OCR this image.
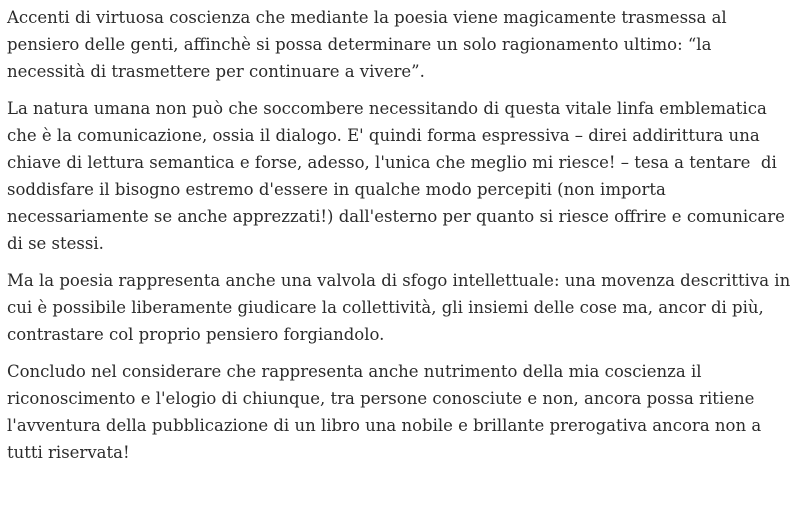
Accenti di virtuosa coscienza che mediante la poesia viene magicamente trasmessa al pensiero delle genti, affinchè si possa determinare un solo ragionamento ultimo: “la necessità di trasmettere per continuare a vivere”.

La natura umana non può che soccombere necessitando di questa vitale linfa emblematica che è la comunicazione, ossia il dialogo. E' quindi forma espressiva – direi addirittura una chiave di lettura semantica e forse, adesso, l'unica che meglio mi riesce! – tesa a tentare  di soddisfare il bisogno estremo d'essere in qualche modo percepiti (non importa necessariamente se anche apprezzati!) dall'esterno per quanto si riesce offrire e comunicare di se stessi.

Ma la poesia rappresenta anche una valvola di sfogo intellettuale: una movenza descrittiva in cui è possibile liberamente giudicare la collettività, gli insiemi delle cose ma, ancor di più, contrastare col proprio pensiero forgiandolo.

Concludo nel considerare che rappresenta anche nutrimento della mia coscienza il riconoscimento e l'elogio di chiunque, tra persone conosciute e non, ancora possa ritiene l'avventura della pubblicazione di un libro una nobile e brillante prerogativa ancora non a tutti riservata!
